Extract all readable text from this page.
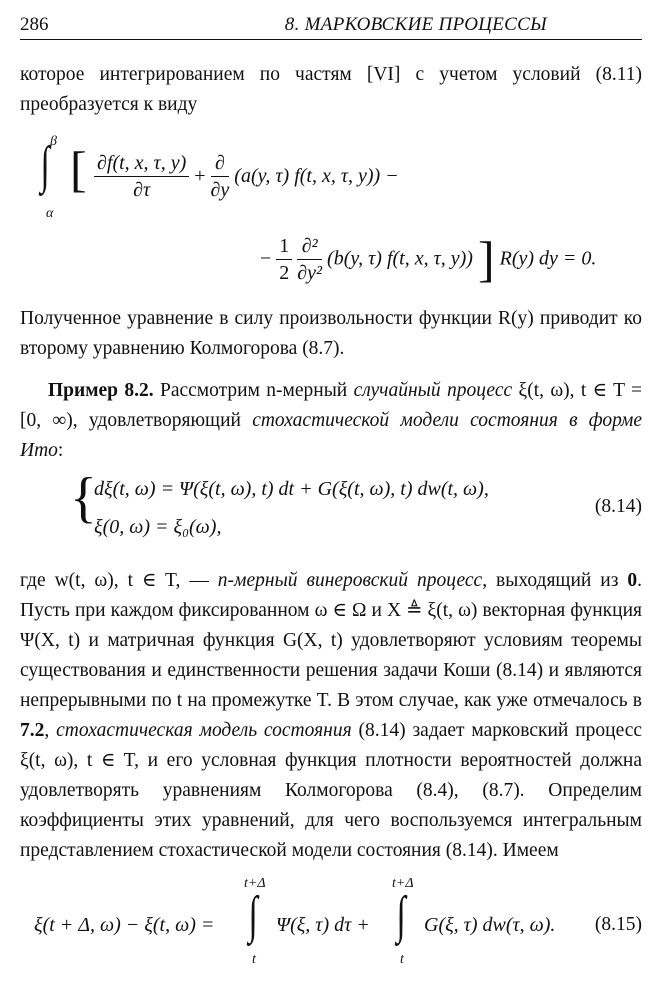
286	8. МАРКОВСКИЕ ПРОЦЕССЫ

которое интегрированием по частям [VI] с учетом условий (8.11) преобразуется к виду

β
∫
α
[ $\frac{\partial f(t, x, \tau, y)}{\partial\tau} + \frac{\partial}{\partial y} (a(y$, τ) f(t, x, τ, y)) −
− $\frac{1}{2}$
$\frac{\text{∂²}}{\text{∂y²}} (b(y$, τ) f(t, x, τ, y)) ] R(y) dy = 0.

Полученное уравнение в силу произвольности функции R(y) приводит ко второму уравнению Колмогорова (8.7).

Пример 8.2. Рассмотрим n-мерный случайный процесс ξ(t, ω), t ∈ T = [0, ∞), удовлетворяющий стохастической модели состояния в форме Ито:

{
dξ(t, ω) = Ψ(ξ(t, ω), t) dt + G(ξ(t, ω), t) dw(t, ω),
ξ(0, ω) = ξ₀(ω),
(8.14)

где w(t, ω), t ∈ T, — n-мерный винеровский процесс, выходящий из 0. Пусть при каждом фиксированном ω ∈ Ω и X ≜ ξ(t, ω) векторная функция Ψ(X, t) и матричная функция G(X, t) удовлетворяют условиям теоремы существования и единственности решения задачи Коши (8.14) и являются непрерывными по t на промежутке T. В этом случае, как уже отмечалось в 7.2, стохастическая модель состояния (8.14) задает марковский процесс ξ(t, ω), t ∈ T, и его условная функция плотности вероятностей должна удовлетворять уравнениям Колмогорова (8.4), (8.7). Определим коэффициенты этих уравнений, для чего воспользуемся интегральным представлением стохастической модели состояния (8.14). Имеем

ξ(t + Δ, ω) − ξ(t, ω) =
t+Δ
∫
t
Ψ(ξ, τ) dτ +
t+Δ
∫
t
G(ξ, τ) dw(τ, ω). (8.15)
